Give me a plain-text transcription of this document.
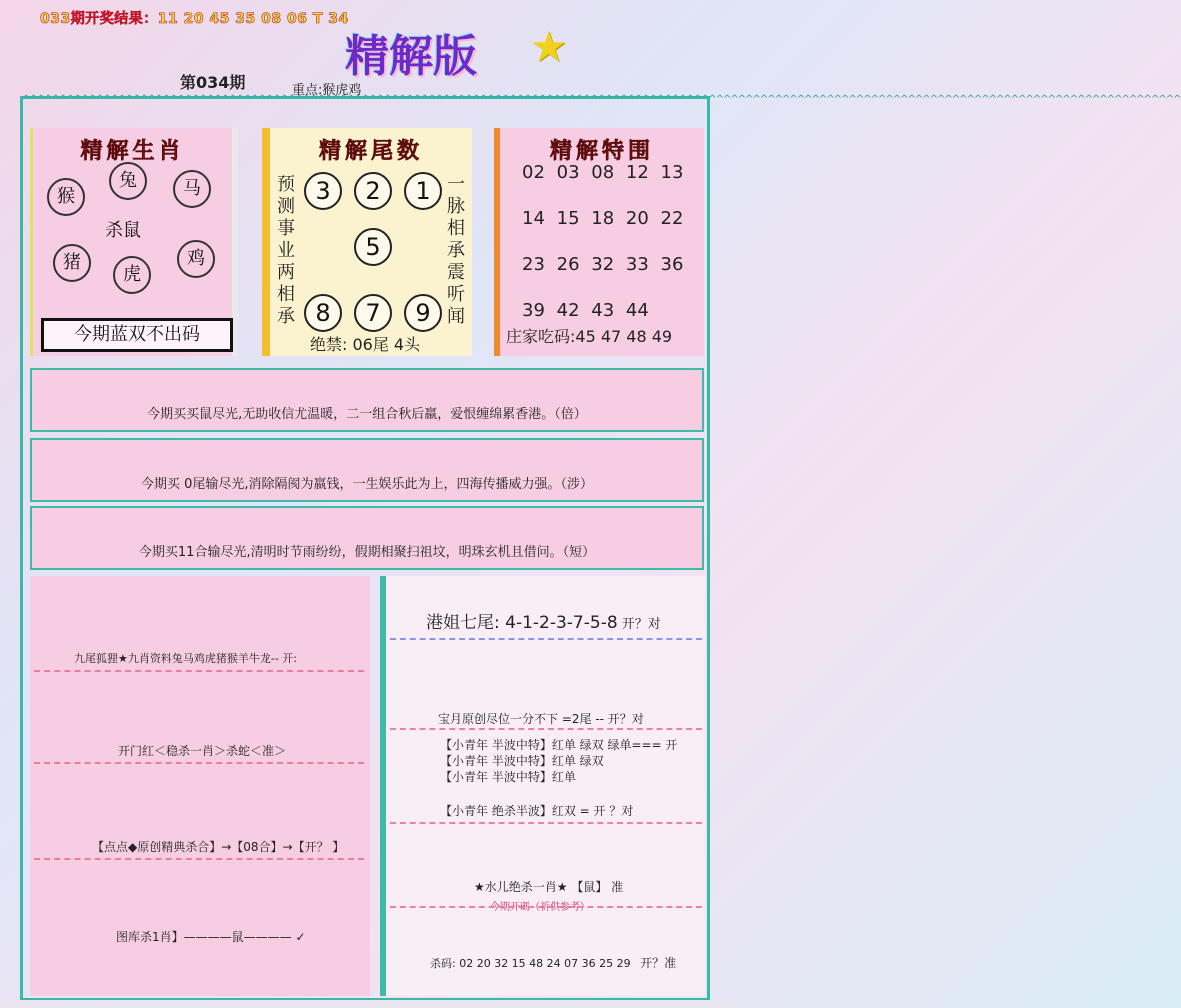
033期开奖结果：11 20 45 35 08 06 T 34
精解版 ★
第034期	重点:猴虎鸡
^^^^^^^^^^^^^^^^^^^^^^^^^^^^^^^^^^^^^^^^^^^^^^^^^^^^^^^^^^^^^^^^^^^^^^^^^^^^^^^^^^^^^^^^^^^^^^^^^^^^^^^^^^^^^^^^^^^^^^^^^^^^^^^^^^^^^^^^^^^^^^^^^^^^^^^^^^^^^
精解生肖
猴
兔	马
猪
虎
鸡
杀鼠
今期蓝双不出码
精解尾数
预测事业两相承
一脉相承震听闻
3	2	1
5
8	7	9
绝禁: 06尾 4头
精解特围
02 03 08 12 13
14 15 18 20 22
23 26 32 33 36
39 42 43 44
庄家吃码:45 47 48 49
今期买买鼠尽光,无助收信尤温暖，二一组合秋后羸，爱恨缠绵累香港。（倍）
今期买 0尾输尽光,消除隔阂为嬴钱，一生娱乐此为上，四海传播威力强。（涉）
今期买11合输尽光,清明时节雨纷纷，假期相聚扫祖坟，明珠玄机且借问。（短）
九尾狐狸★九肖资料兔马鸡虎猪猴羊牛龙-- 开:
开门红＜稳杀一肖＞杀蛇＜准＞
【点点◆原创精典杀合】→【08合】→【开？ 】
图库杀1肖】————鼠———— ✓
港姐七尾: 4-1-2-3-7-5-8 开？对
宝月原创尽位一分不下 =2尾 -- 开？对
【小青年 半波中特】红单 绿双 绿单=== 开
【小青年 半波中特】红单 绿双
【小青年 半波中特】红单
【小青年 绝杀半波】红双 = 开 ？对
★水儿绝杀一肖★ 【鼠】 准
今期开碼（祈供参考）
杀码: 02 20 32 15 48 24 07 36 25 29 开？准
